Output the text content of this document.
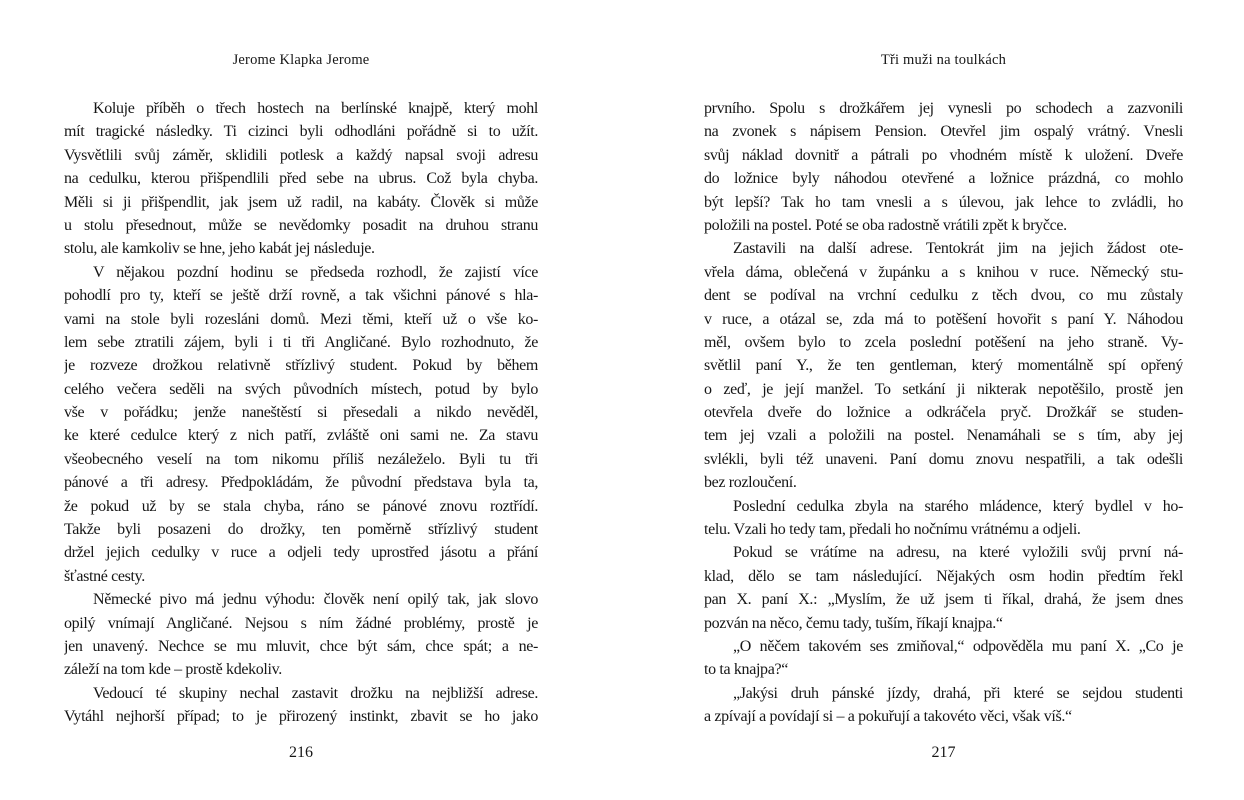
Jerome Klapka Jerome
Koluje příběh o třech hostech na berlínské knajpě, který mohl
mít tragické následky. Ti cizinci byli odhodláni pořádně si to užít.
Vysvětlili svůj záměr, sklidili potlesk a každý napsal svoji adresu
na cedulku, kterou přišpendlili před sebe na ubrus. Což byla chyba.
Měli si ji přišpendlit, jak jsem už radil, na kabáty. Člověk si může
u stolu přesednout, může se nevědomky posadit na druhou stranu
stolu, ale kamkoliv se hne, jeho kabát jej následuje.
V nějakou pozdní hodinu se předseda rozhodl, že zajistí více
pohodlí pro ty, kteří se ještě drží rovně, a tak všichni pánové s hla-
vami na stole byli rozesláni domů. Mezi těmi, kteří už o vše ko-
lem sebe ztratili zájem, byli i ti tři Angličané. Bylo rozhodnuto, že
je rozveze drožkou relativně střízlivý student. Pokud by během
celého večera seděli na svých původních místech, potud by bylo
vše v pořádku; jenže naneštěstí si přesedali a nikdo nevěděl,
ke které cedulce který z nich patří, zvláště oni sami ne. Za stavu
všeobecného veselí na tom nikomu příliš nezáleželo. Byli tu tři
pánové a tři adresy. Předpokládám, že původní představa byla ta,
že pokud už by se stala chyba, ráno se pánové znovu roztřídí.
Takže byli posazeni do drožky, ten poměrně střízlivý student
držel jejich cedulky v ruce a odjeli tedy uprostřed jásotu a přání
šťastné cesty.
Německé pivo má jednu výhodu: člověk není opilý tak, jak slovo
opilý vnímají Angličané. Nejsou s ním žádné problémy, prostě je
jen unavený. Nechce se mu mluvit, chce být sám, chce spát; a ne-
záleží na tom kde – prostě kdekoliv.
Vedoucí té skupiny nechal zastavit drožku na nejbližší adrese.
Vytáhl nejhorší případ; to je přirozený instinkt, zbavit se ho jako
216
Tři muži na toulkách
prvního. Spolu s drožkářem jej vynesli po schodech a zazvonili
na zvonek s nápisem Pension. Otevřel jim ospalý vrátný. Vnesli
svůj náklad dovnitř a pátrali po vhodném místě k uložení. Dveře
do ložnice byly náhodou otevřené a ložnice prázdná, co mohlo
být lepší? Tak ho tam vnesli a s úlevou, jak lehce to zvládli, ho
položili na postel. Poté se oba radostně vrátili zpět k bryčce.
Zastavili na další adrese. Tentokrát jim na jejich žádost ote-
vřela dáma, oblečená v župánku a s knihou v ruce. Německý stu-
dent se podíval na vrchní cedulku z těch dvou, co mu zůstaly
v ruce, a otázal se, zda má to potěšení hovořit s paní Y. Náhodou
měl, ovšem bylo to zcela poslední potěšení na jeho straně. Vy-
světlil paní Y., že ten gentleman, který momentálně spí opřený
o zeď, je její manžel. To setkání ji nikterak nepotěšilo, prostě jen
otevřela dveře do ložnice a odkráčela pryč. Drožkář se studen-
tem jej vzali a položili na postel. Nenamáhali se s tím, aby jej
svlékli, byli též unaveni. Paní domu znovu nespatřili, a tak odešli
bez rozloučení.
Poslední cedulka zbyla na starého mládence, který bydlel v ho-
telu. Vzali ho tedy tam, předali ho nočnímu vrátnému a odjeli.
Pokud se vrátíme na adresu, na které vyložili svůj první ná-
klad, dělo se tam následující. Nějakých osm hodin předtím řekl
pan X. paní X.: „Myslím, že už jsem ti říkal, drahá, že jsem dnes
pozván na něco, čemu tady, tuším, říkají knajpa.“
„O něčem takovém ses zmiňoval,“ odpověděla mu paní X. „Co je
to ta knajpa?“
„Jakýsi druh pánské jízdy, drahá, při které se sejdou studenti
a zpívají a povídají si – a pokuřují a takovéto věci, však víš.“
217
